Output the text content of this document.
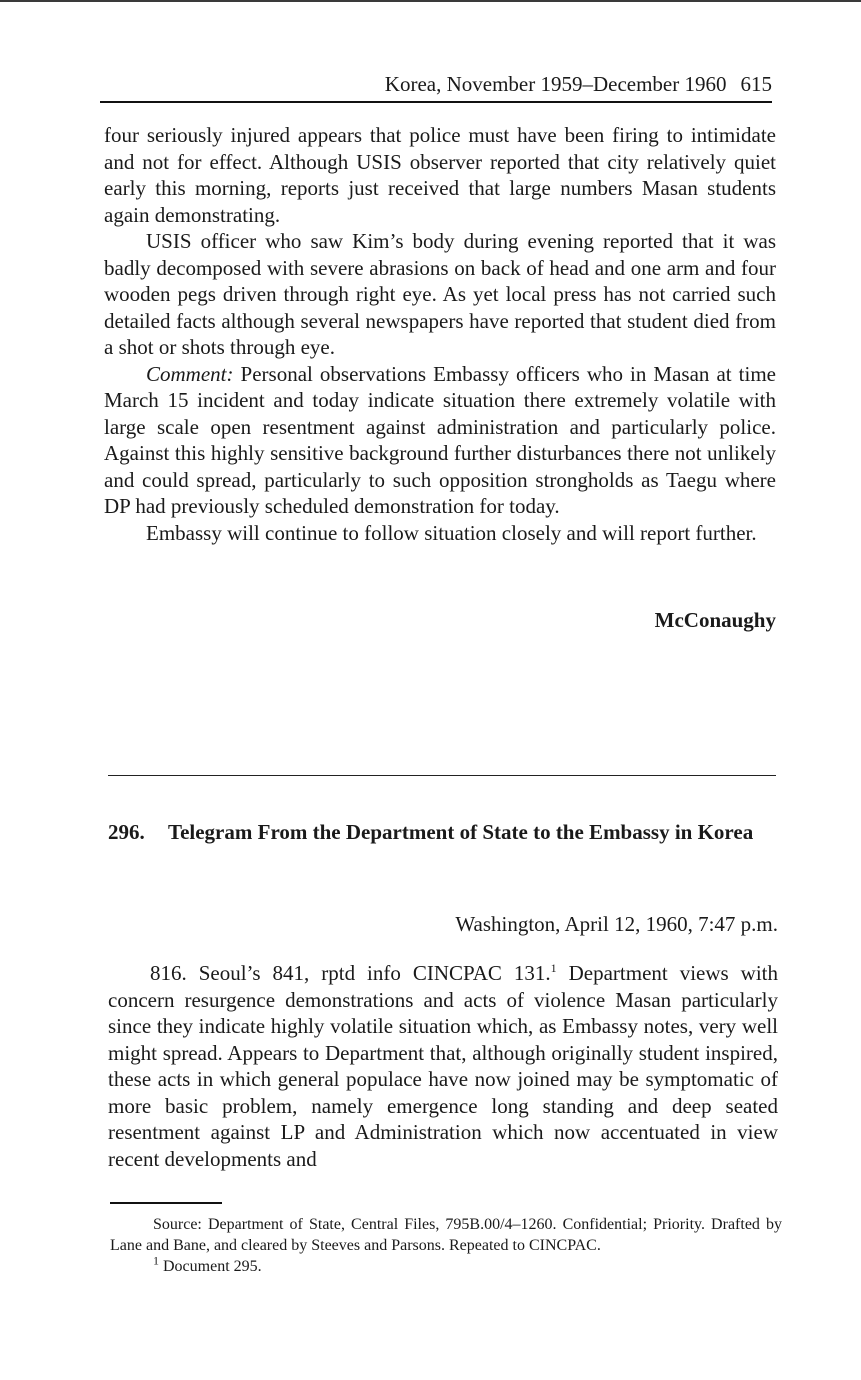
Korea, November 1959–December 1960 615

four seriously injured appears that police must have been firing to intimidate and not for effect. Although USIS observer reported that city relatively quiet early this morning, reports just received that large numbers Masan students again demonstrating.

USIS officer who saw Kim’s body during evening reported that it was badly decomposed with severe abrasions on back of head and one arm and four wooden pegs driven through right eye. As yet local press has not carried such detailed facts although several newspapers have reported that student died from a shot or shots through eye.

Comment: Personal observations Embassy officers who in Masan at time March 15 incident and today indicate situation there extremely volatile with large scale open resentment against administration and particularly police. Against this highly sensitive background further disturbances there not unlikely and could spread, particularly to such opposition strongholds as Taegu where DP had previously scheduled demonstration for today.

Embassy will continue to follow situation closely and will report further.

McConaughy
296. Telegram From the Department of State to the Embassy in Korea
Washington, April 12, 1960, 7:47 p.m.

816. Seoul’s 841, rptd info CINCPAC 131.$^1$ Department views with concern resurgence demonstrations and acts of violence Masan particularly since they indicate highly volatile situation which, as Embassy notes, very well might spread. Appears to Department that, although originally student inspired, these acts in which general populace have now joined may be symptomatic of more basic problem, namely emergence long standing and deep seated resentment against LP and Administration which now accentuated in view recent developments and

Source: Department of State, Central Files, 795B.00/4–1260. Confidential; Priority. Drafted by Lane and Bane, and cleared by Steeves and Parsons. Repeated to CINCPAC.

$^1$ Document 295.
